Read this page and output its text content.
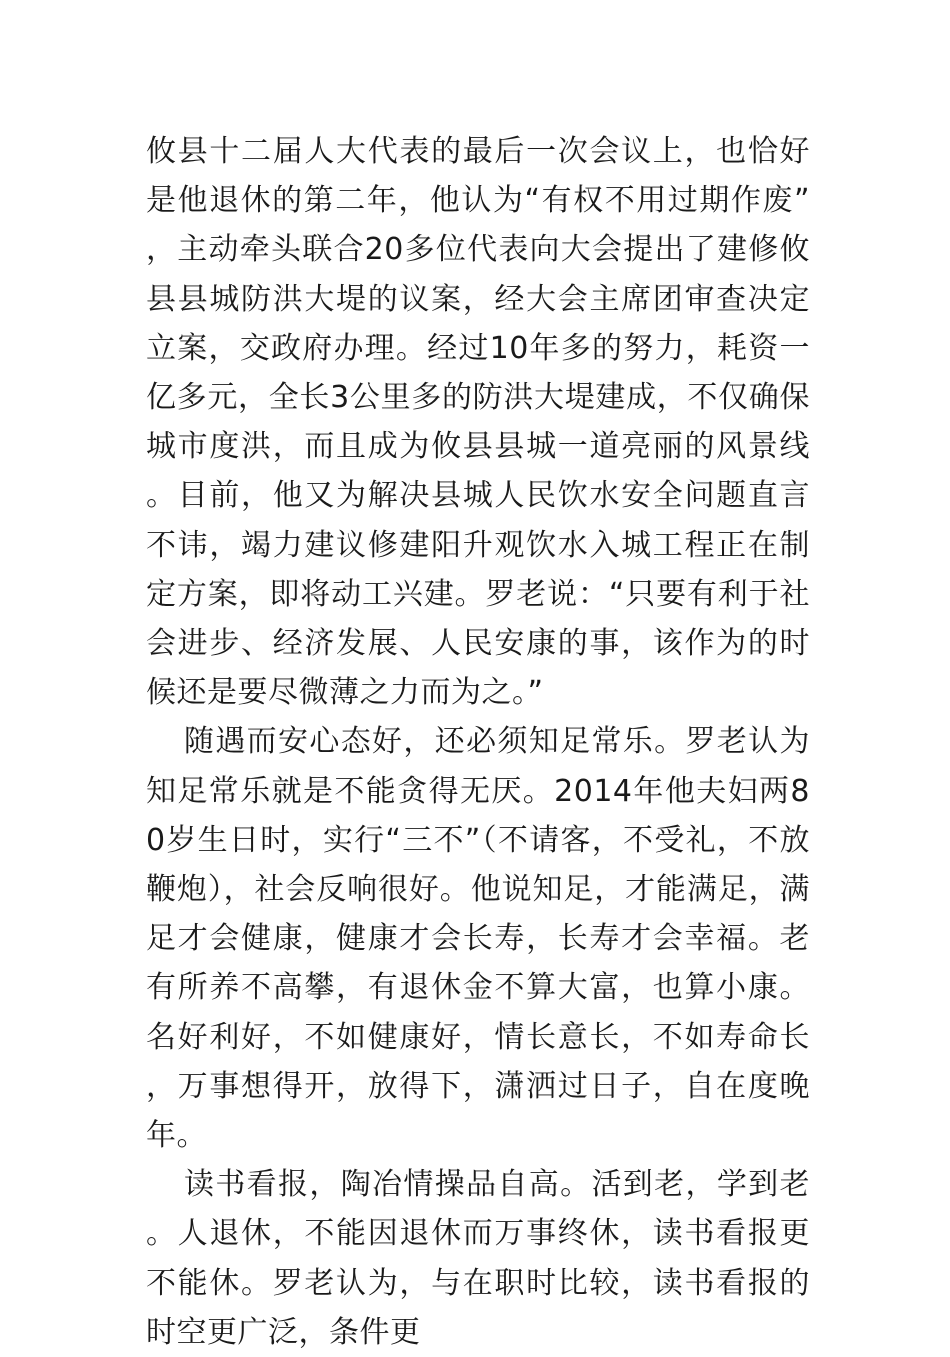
攸县十二届人大代表的最后一次会议上，也恰好是他退休的第二年，他认为“有权不用过期作废”，主动牵头联合20多位代表向大会提出了建修攸县县城防洪大堤的议案，经大会主席团审查决定立案，交政府办理。经过10年多的努力，耗资一亿多元，全长3公里多的防洪大堤建成，不仅确保城市度洪，而且成为攸县县城一道亮丽的风景线。目前，他又为解决县城人民饮水安全问题直言不讳，竭力建议修建阳升观饮水入城工程正在制定方案，即将动工兴建。罗老说：“只要有利于社会进步、经济发展、人民安康的事，该作为的时候还是要尽微薄之力而为之。”

随遇而安心态好，还必须知足常乐。罗老认为知足常乐就是不能贪得无厌。2014年他夫妇两80岁生日时，实行“三不”（不请客，不受礼，不放鞭炮），社会反响很好。他说知足，才能满足，满足才会健康，健康才会长寿，长寿才会幸福。老有所养不高攀，有退休金不算大富，也算小康。名好利好，不如健康好，情长意长，不如寿命长，万事想得开，放得下，潇洒过日子，自在度晚年。

读书看报，陶冶情操品自高。活到老，学到老。人退休，不能因退休而万事终休，读书看报更不能休。罗老认为，与在职时比较，读书看报的时空更广泛，条件更
